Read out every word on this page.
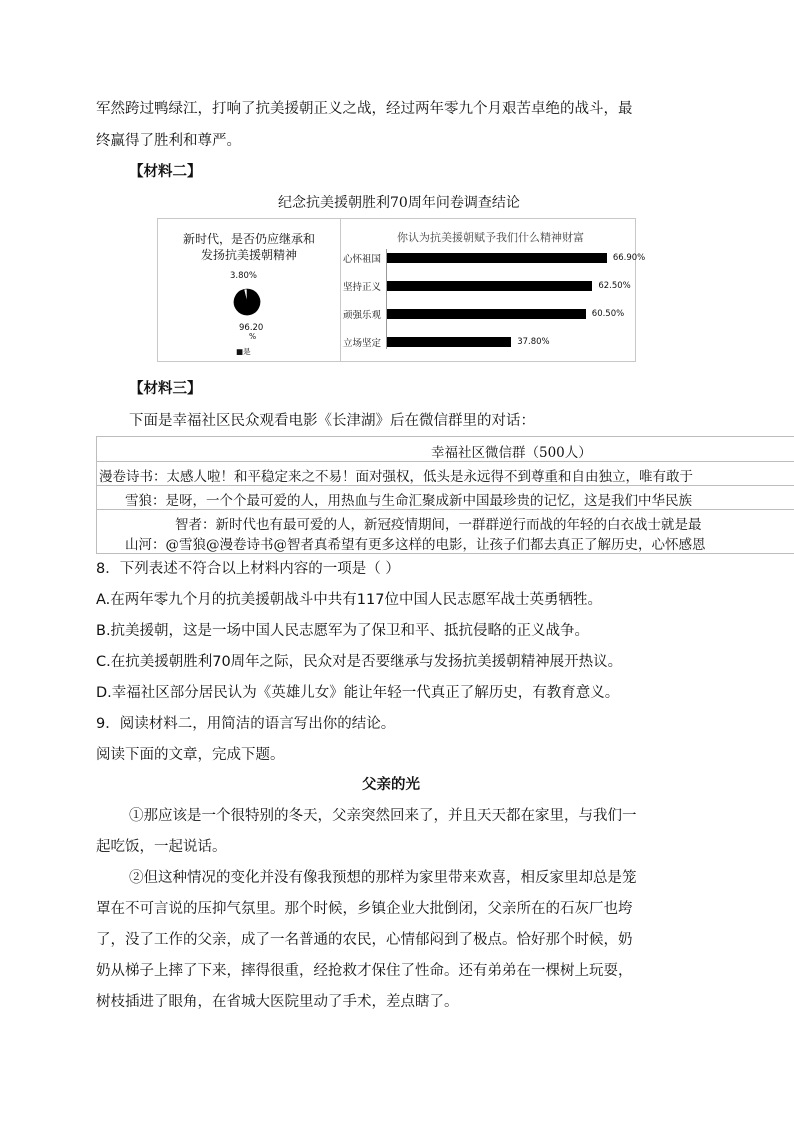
军然跨过鸭绿江，打响了抗美援朝正义之战，经过两年零九个月艰苦卓绝的战斗，最
终赢得了胜利和尊严。
【材料二】
纪念抗美援朝胜利70周年问卷调查结论
新时代，是否仍应继承和
发扬抗美援朝精神
3.80%
96.20
%
■是
你认为抗美援朝赋予我们什么精神财富
心怀祖国	66.90%
坚持正义	62.50%
顽强乐观	60.50%
立场坚定	37.80%
【材料三】
下面是幸福社区民众观看电影《长津湖》后在微信群里的对话：
幸福社区微信群（500人）
漫卷诗书：太感人啦！和平稳定来之不易！面对强权，低头是永远得不到尊重和自由独立，唯有敢于
雪狼：是呀，一个个最可爱的人，用热血与生命汇聚成新中国最珍贵的记忆，这是我们中华民族
智者：新时代也有最可爱的人，新冠疫情期间，一群群逆行而战的年轻的白衣战士就是最
山河：@雪狼@漫卷诗书@智者真希望有更多这样的电影，让孩子们都去真正了解历史，心怀感恩
8．下列表述不符合以上材料内容的一项是（ ）
A.在两年零九个月的抗美援朝战斗中共有117位中国人民志愿军战士英勇牺牲。
B.抗美援朝，这是一场中国人民志愿军为了保卫和平、抵抗侵略的正义战争。
C.在抗美援朝胜利70周年之际，民众对是否要继承与发扬抗美援朝精神展开热议。
D.幸福社区部分居民认为《英雄儿女》能让年轻一代真正了解历史，有教育意义。
9．阅读材料二，用简洁的语言写出你的结论。
阅读下面的文章，完成下题。
父亲的光
①那应该是一个很特别的冬天，父亲突然回来了，并且天天都在家里，与我们一
起吃饭，一起说话。
②但这种情况的变化并没有像我预想的那样为家里带来欢喜，相反家里却总是笼
罩在不可言说的压抑气氛里。那个时候，乡镇企业大批倒闭，父亲所在的石灰厂也垮
了，没了工作的父亲，成了一名普通的农民，心情郁闷到了极点。恰好那个时候，奶
奶从梯子上摔了下来，摔得很重，经抢救才保住了性命。还有弟弟在一棵树上玩耍，
树枝插进了眼角，在省城大医院里动了手术，差点瞎了。
